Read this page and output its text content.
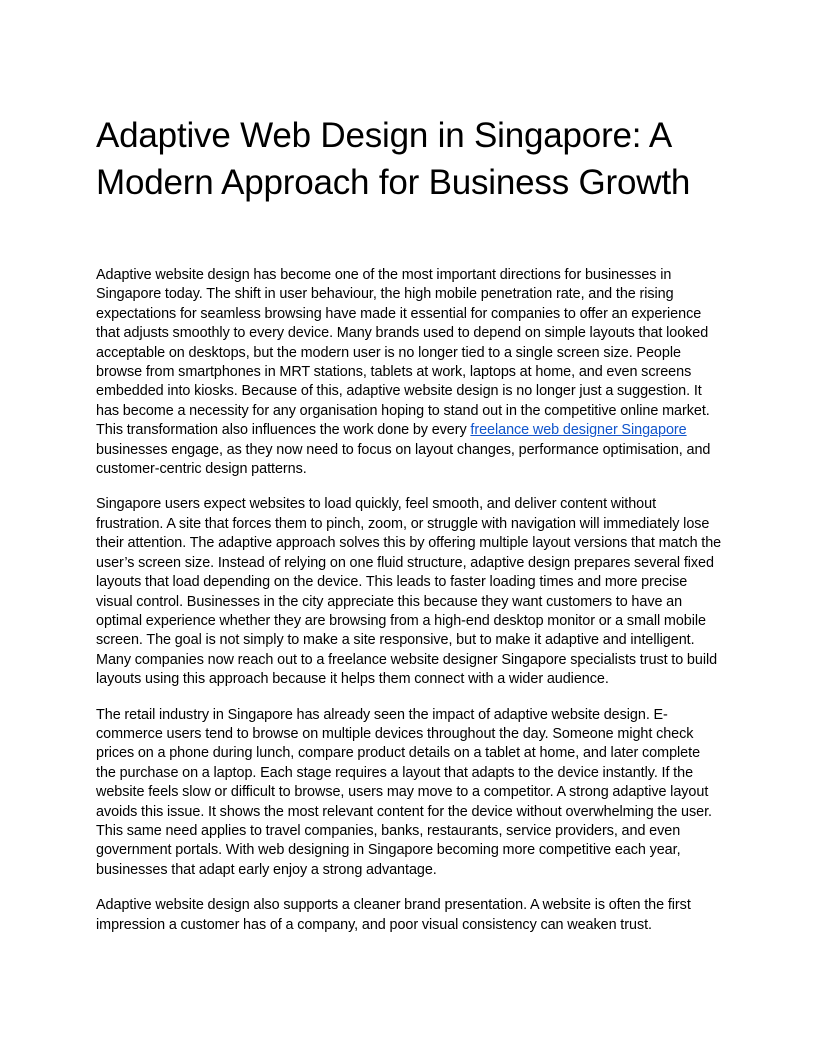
Adaptive Web Design in Singapore: A Modern Approach for Business Growth

Adaptive website design has become one of the most important directions for businesses in Singapore today. The shift in user behaviour, the high mobile penetration rate, and the rising expectations for seamless browsing have made it essential for companies to offer an experience that adjusts smoothly to every device. Many brands used to depend on simple layouts that looked acceptable on desktops, but the modern user is no longer tied to a single screen size. People browse from smartphones in MRT stations, tablets at work, laptops at home, and even screens embedded into kiosks. Because of this, adaptive website design is no longer just a suggestion. It has become a necessity for any organisation hoping to stand out in the competitive online market. This transformation also influences the work done by every freelance web designer Singapore businesses engage, as they now need to focus on layout changes, performance optimisation, and customer-centric design patterns.

Singapore users expect websites to load quickly, feel smooth, and deliver content without frustration. A site that forces them to pinch, zoom, or struggle with navigation will immediately lose their attention. The adaptive approach solves this by offering multiple layout versions that match the user’s screen size. Instead of relying on one fluid structure, adaptive design prepares several fixed layouts that load depending on the device. This leads to faster loading times and more precise visual control. Businesses in the city appreciate this because they want customers to have an optimal experience whether they are browsing from a high-end desktop monitor or a small mobile screen. The goal is not simply to make a site responsive, but to make it adaptive and intelligent. Many companies now reach out to a freelance website designer Singapore specialists trust to build layouts using this approach because it helps them connect with a wider audience.

The retail industry in Singapore has already seen the impact of adaptive website design. E-commerce users tend to browse on multiple devices throughout the day. Someone might check prices on a phone during lunch, compare product details on a tablet at home, and later complete the purchase on a laptop. Each stage requires a layout that adapts to the device instantly. If the website feels slow or difficult to browse, users may move to a competitor. A strong adaptive layout avoids this issue. It shows the most relevant content for the device without overwhelming the user. This same need applies to travel companies, banks, restaurants, service providers, and even government portals. With web designing in Singapore becoming more competitive each year, businesses that adapt early enjoy a strong advantage.

Adaptive website design also supports a cleaner brand presentation. A website is often the first impression a customer has of a company, and poor visual consistency can weaken trust.
